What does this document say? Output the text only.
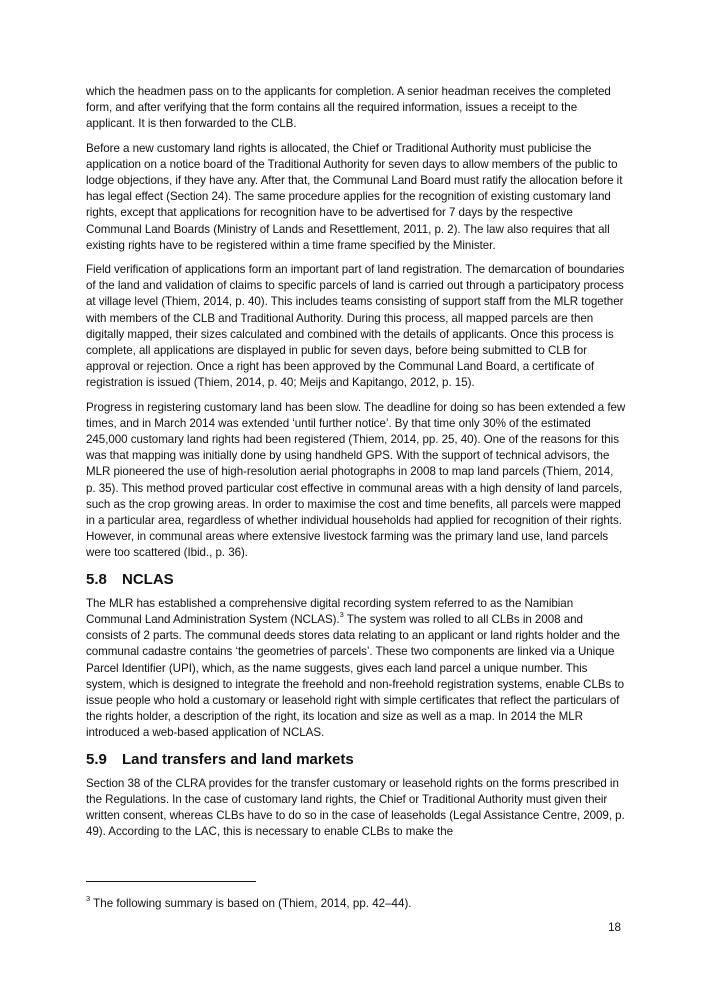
which the headmen pass on to the applicants for completion. A senior headman receives the completed form, and after verifying that the form contains all the required information, issues a receipt to the applicant. It is then forwarded to the CLB.

Before a new customary land rights is allocated, the Chief or Traditional Authority must publicise the application on a notice board of the Traditional Authority for seven days to allow members of the public to lodge objections, if they have any. After that, the Communal Land Board must ratify the allocation before it has legal effect (Section 24). The same procedure applies for the recognition of existing customary land rights, except that applications for recognition have to be advertised for 7 days by the respective Communal Land Boards (Ministry of Lands and Resettlement, 2011, p. 2). The law also requires that all existing rights have to be registered within a time frame specified by the Minister.

Field verification of applications form an important part of land registration. The demarcation of boundaries of the land and validation of claims to specific parcels of land is carried out through a participatory process at village level (Thiem, 2014, p. 40). This includes teams consisting of support staff from the MLR together with members of the CLB and Traditional Authority. During this process, all mapped parcels are then digitally mapped, their sizes calculated and combined with the details of applicants. Once this process is complete, all applications are displayed in public for seven days, before being submitted to CLB for approval or rejection. Once a right has been approved by the Communal Land Board, a certificate of registration is issued (Thiem, 2014, p. 40; Meijs and Kapitango, 2012, p. 15).

Progress in registering customary land has been slow. The deadline for doing so has been extended a few times, and in March 2014 was extended ‘until further notice’. By that time only 30% of the estimated 245,000 customary land rights had been registered (Thiem, 2014, pp. 25, 40). One of the reasons for this was that mapping was initially done by using handheld GPS. With the support of technical advisors, the MLR pioneered the use of high-resolution aerial photographs in 2008 to map land parcels (Thiem, 2014, p. 35). This method proved particular cost effective in communal areas with a high density of land parcels, such as the crop growing areas. In order to maximise the cost and time benefits, all parcels were mapped in a particular area, regardless of whether individual households had applied for recognition of their rights. However, in communal areas where extensive livestock farming was the primary land use, land parcels were too scattered (Ibid., p. 36).

5.8 NCLAS

The MLR has established a comprehensive digital recording system referred to as the Namibian Communal Land Administration System (NCLAS).$^3$ The system was rolled to all CLBs in 2008 and consists of 2 parts. The communal deeds stores data relating to an applicant or land rights holder and the communal cadastre contains ‘the geometries of parcels’. These two components are linked via a Unique Parcel Identifier (UPI), which, as the name suggests, gives each land parcel a unique number. This system, which is designed to integrate the freehold and non-freehold registration systems, enable CLBs to issue people who hold a customary or leasehold right with simple certificates that reflect the particulars of the rights holder, a description of the right, its location and size as well as a map. In 2014 the MLR introduced a web-based application of NCLAS.

5.9 Land transfers and land markets

Section 38 of the CLRA provides for the transfer customary or leasehold rights on the forms prescribed in the Regulations. In the case of customary land rights, the Chief or Traditional Authority must given their written consent, whereas CLBs have to do so in the case of leaseholds (Legal Assistance Centre, 2009, p. 49). According to the LAC, this is necessary to enable CLBs to make the

$^3$ The following summary is based on (Thiem, 2014, pp. 42–44).
18
